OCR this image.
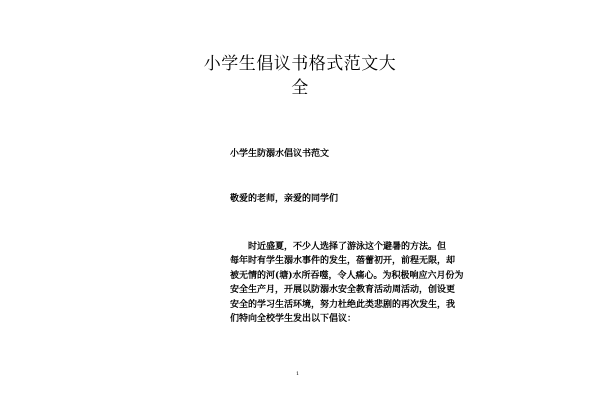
小学生倡议书格式范文大
全
小学生防溺水倡议书范文
敬爱的老师，亲爱的同学们
时近盛夏，不少人选择了游泳这个避暑的方法。但
每年时有学生溺水事件的发生，蓓蕾初开，前程无限，却
被无情的河(塘)水所吞噬，令人痛心。为积极响应六月份为
安全生产月，开展以防溺水安全教育活动周活动，创设更
安全的学习生活环境，努力杜绝此类悲剧的再次发生，我
们特向全校学生发出以下倡议：
1
